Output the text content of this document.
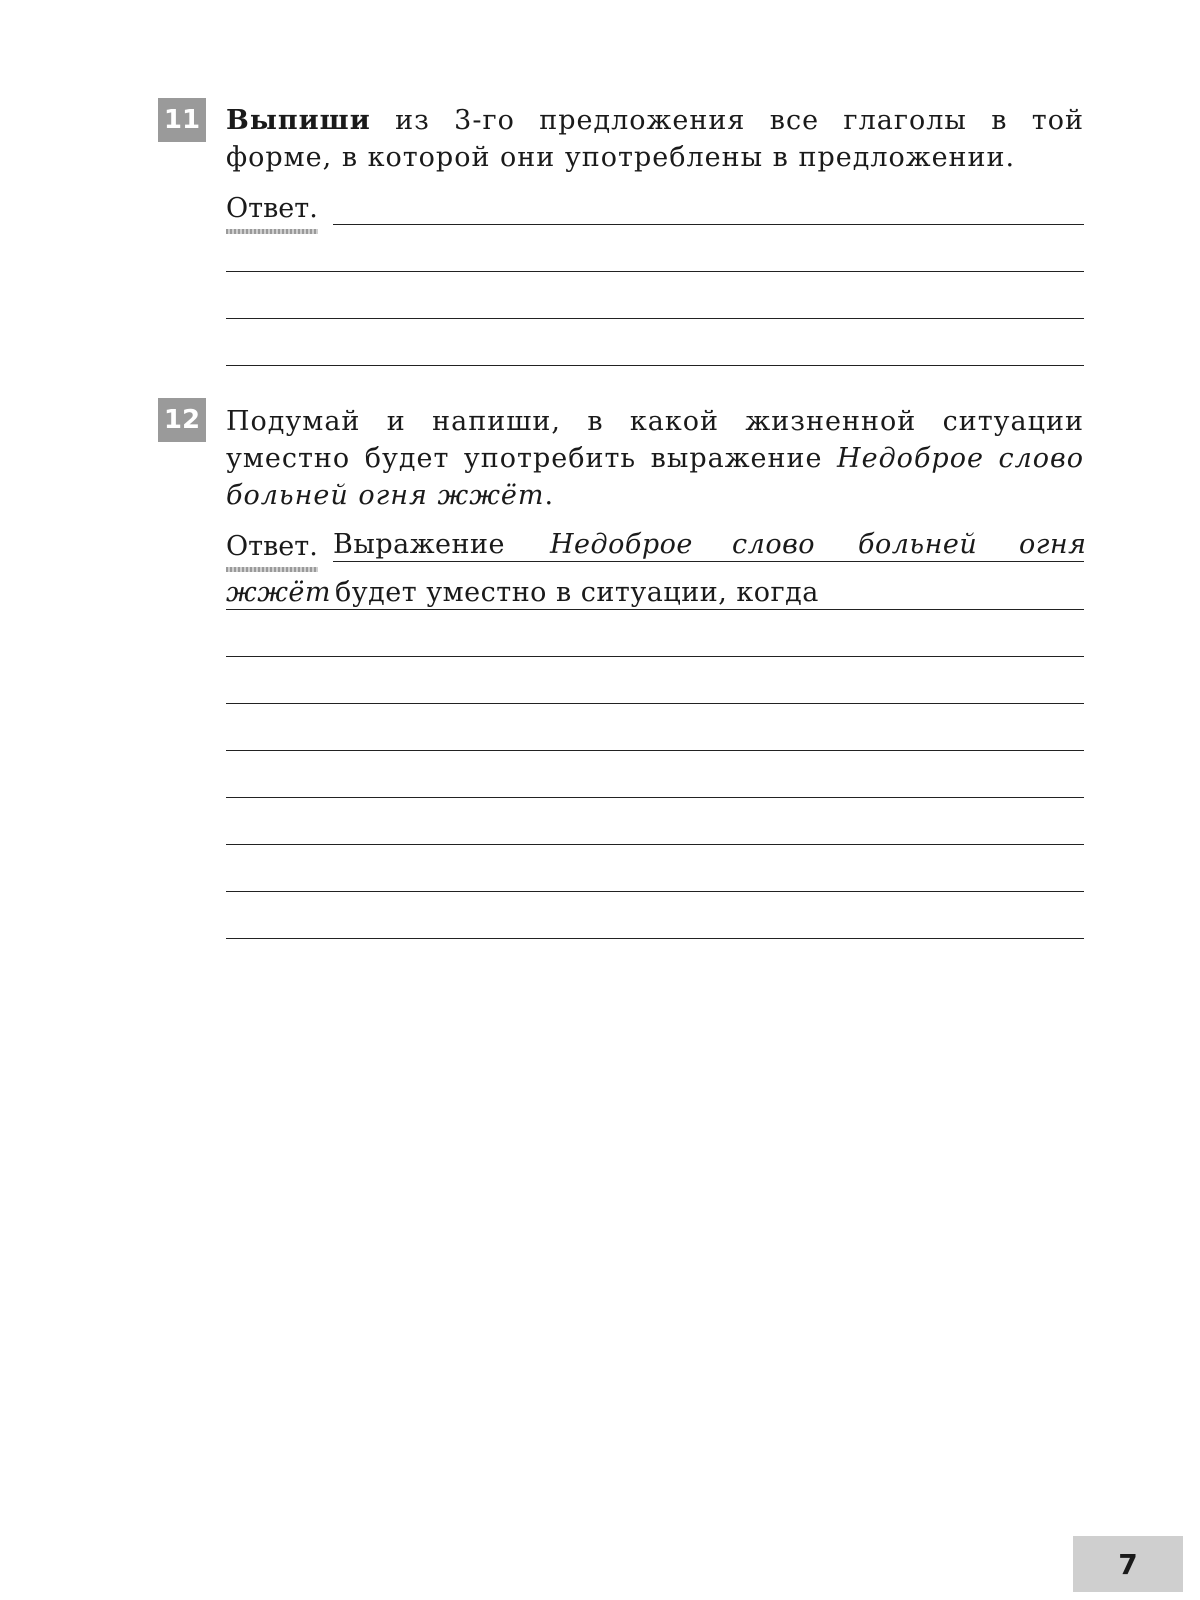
11 Выпиши из 3-го предложения все глаголы в той
форме, в которой они употреблены в предложении.
Ответ.
12 Подумай и напиши, в какой жизненной ситуации
уместно будет употребить выражение Недоброе слово
больней огня жжёт.
Ответ. Выражение Недоброе слово больней огня
жжёт будет уместно в ситуации, когда
7
